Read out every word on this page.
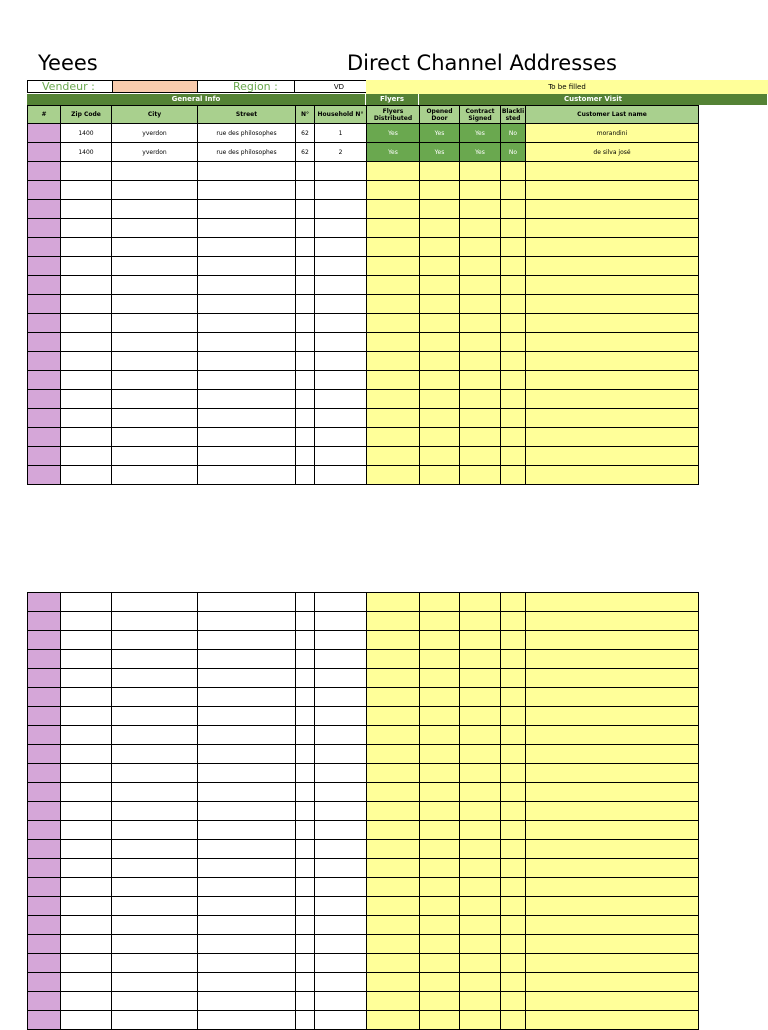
Yeees	Direct Channel Addresses
Vendeur :	Region :	VD	To be filled
General Info	Flyers	Customer Visit
#	Zip Code	City	Street	N°	Household N°	Flyers Distributed	Opened Door	Contract Signed	Blackli sted	Customer Last name
	1400	yverdon	rue des philosophes	62	1	Yes	Yes	Yes	No	morandini
	1400	yverdon	rue des philosophes	62	2	Yes	Yes	Yes	No	de silva josé
